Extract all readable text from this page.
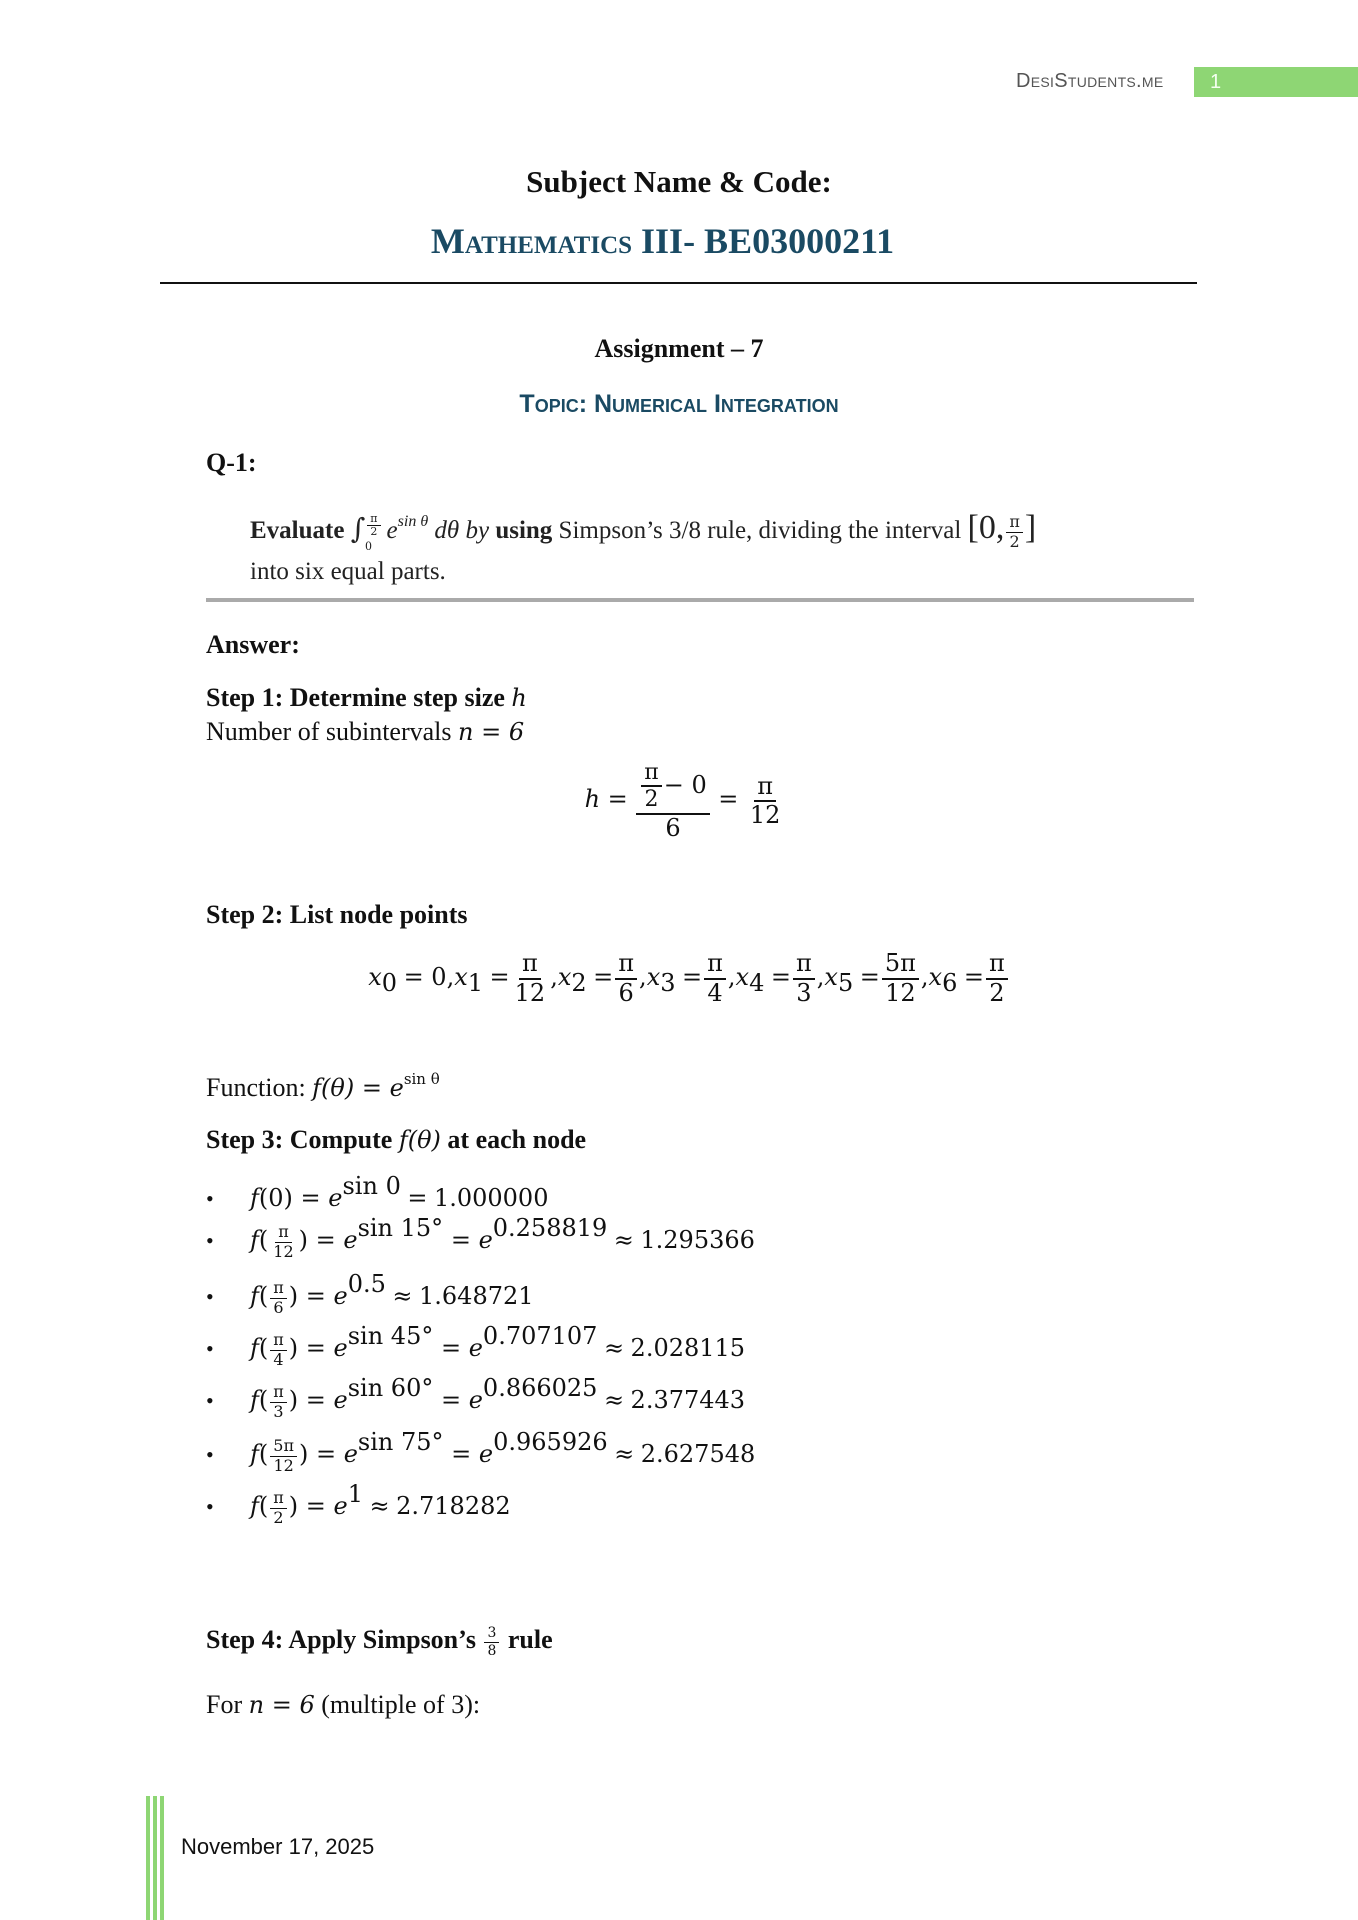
DesiStudents.me	1
Subject Name & Code:
Mathematics III- BE03000211
Assignment – 7
Topic: Numerical Integration
Q-1:
Evaluate ∫ $\frac{\pi}{2}$
0
$e^{sin \theta}$ dθ by using Simpson’s 3/8 rule, dividing the interval [0, $\frac{\pi}{2}$ ]
into six equal parts.
Answer:
Step 1: Determine step size h
Number of subintervals n = 6
$h = \frac{\frac{\pi}{2} - 0}{6} = \frac{\pi}{12}$
Step 2: List node points
$x_0 = 0,x_1 = \frac{\pi}{12} ,x_2 = \frac{\pi}{6} ,x_3 = \frac{\pi}{4} ,x_4 = \frac{\pi}{3} ,x_5 = \frac{5\pi}{12} ,x_6 = \frac{\pi}{2}$
Function: $f(\theta) = e^{sin \theta}$
Step 3: Compute f(θ) at each node
• $f(0) = e^{sin 0} = 1.000000$
• $f( \frac{\pi}{12}$ ) = $e^{sin 15^\circ} = e^{0.258819} \approx 1.295366$
• $f( \frac{\pi}{6}$ ) = $e^{0.5} \approx 1.648721$
• $f( \frac{\pi}{4}$ ) = $e^{sin 45^\circ} = e^{0.707107} \approx 2.028115$
• $f( \frac{\pi}{3}$ ) = $e^{sin 60^\circ} = e^{0.866025} \approx 2.377443$
• $f( \frac{5\pi}{12}$ ) = $e^{sin 75^\circ} = e^{0.965926} \approx 2.627548$
• $f( \frac{\pi}{2}$ ) = $e^1 \approx 2.718282$
Step 4: Apply Simpson’s $\frac{3}{8}$ rule
For n = 6 (multiple of 3):
November 17, 2025
